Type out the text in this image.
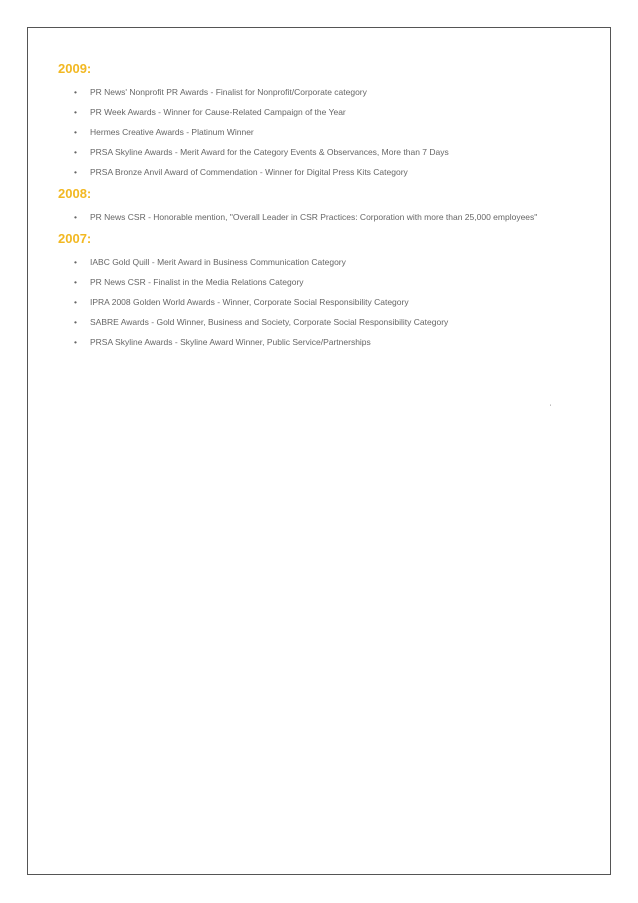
2009:
• PR News' Nonprofit PR Awards - Finalist for Nonprofit/Corporate category
• PR Week Awards - Winner for Cause-Related Campaign of the Year
• Hermes Creative Awards - Platinum Winner
• PRSA Skyline Awards - Merit Award for the Category Events & Observances, More than 7 Days
• PRSA Bronze Anvil Award of Commendation - Winner for Digital Press Kits Category
2008:
• PR News CSR - Honorable mention, "Overall Leader in CSR Practices: Corporation with more than 25,000 employees"
2007:
• IABC Gold Quill - Merit Award in Business Communication Category
• PR News CSR - Finalist in the Media Relations Category
• IPRA 2008 Golden World Awards - Winner, Corporate Social Responsibility Category
• SABRE Awards - Gold Winner, Business and Society, Corporate Social Responsibility Category
• PRSA Skyline Awards - Skyline Award Winner, Public Service/Partnerships
'
